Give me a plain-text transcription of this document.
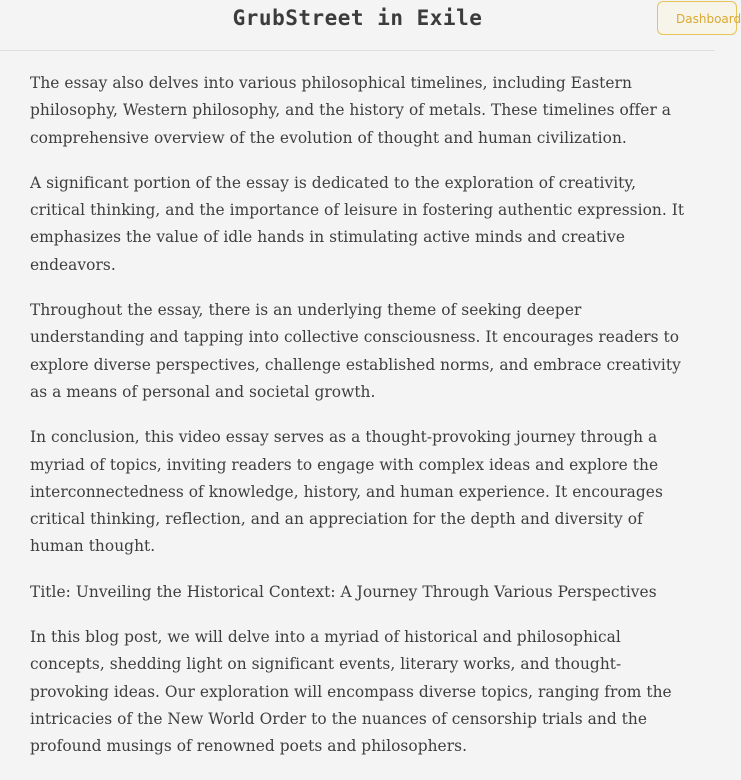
GrubStreet in Exile	Dashboard

The essay also delves into various philosophical timelines, including Eastern philosophy, Western philosophy, and the history of metals. These timelines offer a comprehensive overview of the evolution of thought and human civilization.

A significant portion of the essay is dedicated to the exploration of creativity, critical thinking, and the importance of leisure in fostering authentic expression. It emphasizes the value of idle hands in stimulating active minds and creative endeavors.

Throughout the essay, there is an underlying theme of seeking deeper understanding and tapping into collective consciousness. It encourages readers to explore diverse perspectives, challenge established norms, and embrace creativity as a means of personal and societal growth.

In conclusion, this video essay serves as a thought-provoking journey through a myriad of topics, inviting readers to engage with complex ideas and explore the interconnectedness of knowledge, history, and human experience. It encourages critical thinking, reflection, and an appreciation for the depth and diversity of human thought.

Title: Unveiling the Historical Context: A Journey Through Various Perspectives

In this blog post, we will delve into a myriad of historical and philosophical concepts, shedding light on significant events, literary works, and thought-provoking ideas. Our exploration will encompass diverse topics, ranging from the intricacies of the New World Order to the nuances of censorship trials and the profound musings of renowned poets and philosophers.
